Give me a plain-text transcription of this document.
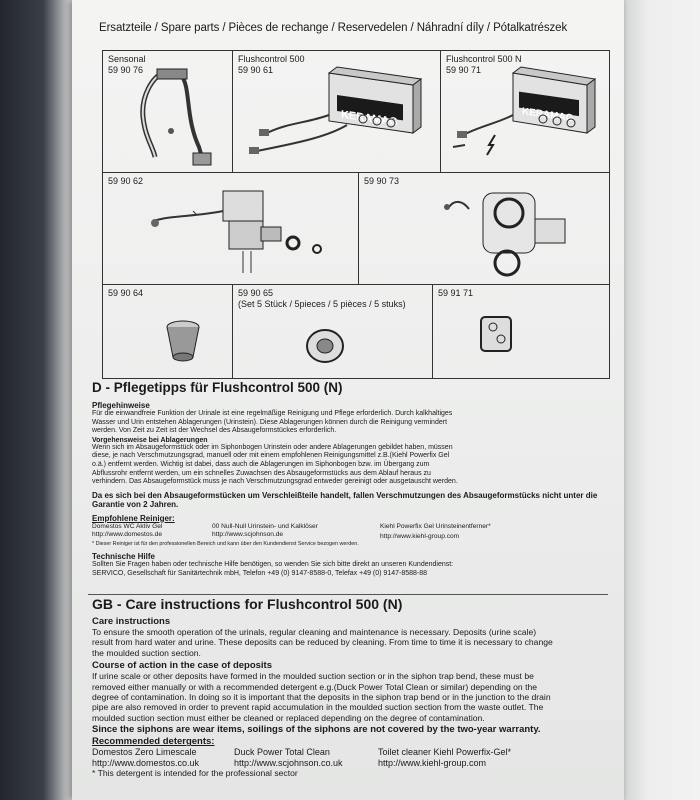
Ersatzteile / Spare parts / Pièces de rechange / Reservedelen / Náhradní díly / Pótalkatrészek
Sensonal
59 90 76
Flushcontrol 500
59 90 61
KERAMAG
Flushcontrol 500 N
59 90 71
KERAMAG
59 90 62	59 90 73
59 90 64	59 90 65
(Set 5 Stück / 5pieces / 5 pièces / 5 stuks)
59 91 71
D - Pflegetipps für Flushcontrol 500 (N)
Pflegehinweise
Für die einwandfreie Funktion der Urinale ist eine regelmäßige Reinigung und Pflege erforderlich. Durch kalkhaltiges
Wasser und Urin entstehen Ablagerungen (Urinstein). Diese Ablagerungen können durch die Reinigung vermindert
werden. Von Zeit zu Zeit ist der Wechsel des Absaugeformstückes erforderlich.
Vorgehensweise bei Ablagerungen
Wenn sich im Absaugeformstück oder im Siphonbogen Urinstein oder andere Ablagerungen gebildet haben, müssen
diese, je nach Verschmutzungsgrad, manuell oder mit einem empfohlenen Reinigungsmittel z.B.(Kiehl Powerfix Gel
o.ä.) entfernt werden. Wichtig ist dabei, dass auch die Ablagerungen im Siphonbogen bzw. im Übergang zum
Abflussrohr entfernt werden, um ein schnelles Zuwachsen des Absaugeformstücks aus dem Ablauf heraus zu
verhindern. Das Absaugeformstück muss je nach Verschmutzungsgrad entweder gereinigt oder ausgetauscht werden.
Da es sich bei den Absaugeformstücken um Verschleißteile handelt, fallen Verschmutzungen des Absaugeformstücks nicht unter die Garantie von 2 Jahren.
Empfohlene Reiniger:
Domestos WC Aktiv Gel
http://www.domestos.de
00 Null-Null Urinstein- und Kalklöser
http://www.scjohnson.de
Kiehl Powerfix Gel Urinsteinentferner*
http://www.kiehl-group.com
* Dieser Reiniger ist für den professionellen Bereich und kann über den Kundendienst Service bezogen werden.
Technische Hilfe
Sollten Sie Fragen haben oder technische Hilfe benötigen, so wenden Sie sich bitte direkt an unseren Kundendienst:
SERVICO, Gesellschaft für Sanitärtechnik mbH, Telefon +49 (0) 9147-8588-0, Telefax +49 (0) 9147-8588-88
GB - Care instructions for Flushcontrol 500 (N)
Care instructions
To ensure the smooth operation of the urinals, regular cleaning and maintenance is necessary. Deposits (urine scale)
result from hard water and urine. These deposits can be reduced by cleaning. From time to time it is necessary to change
the moulded suction section.
Course of action in the case of deposits
If urine scale or other deposits have formed in the moulded suction section or in the siphon trap bend, these must be
removed either manually or with a recommended detergent e.g.(Duck Power Total Clean or similar) depending on the
degree of contamination. In doing so it is important that the deposits in the siphon trap bend or in the junction to the drain
pipe are also removed in order to prevent rapid accumulation in the moulded suction section from the waste outlet. The
moulded suction section must either be cleaned or replaced depending on the degree of contamination.
Since the siphons are wear items, soilings of the siphons are not covered by the two-year warranty.
Recommended detergents:
Domestos Zero Limescale
http://www.domestos.co.uk
Duck Power Total Clean
http://www.scjohnson.co.uk
Toilet cleaner Kiehl Powerfix-Gel*
http://www.kiehl-group.com
* This detergent is intended for the professional sector
